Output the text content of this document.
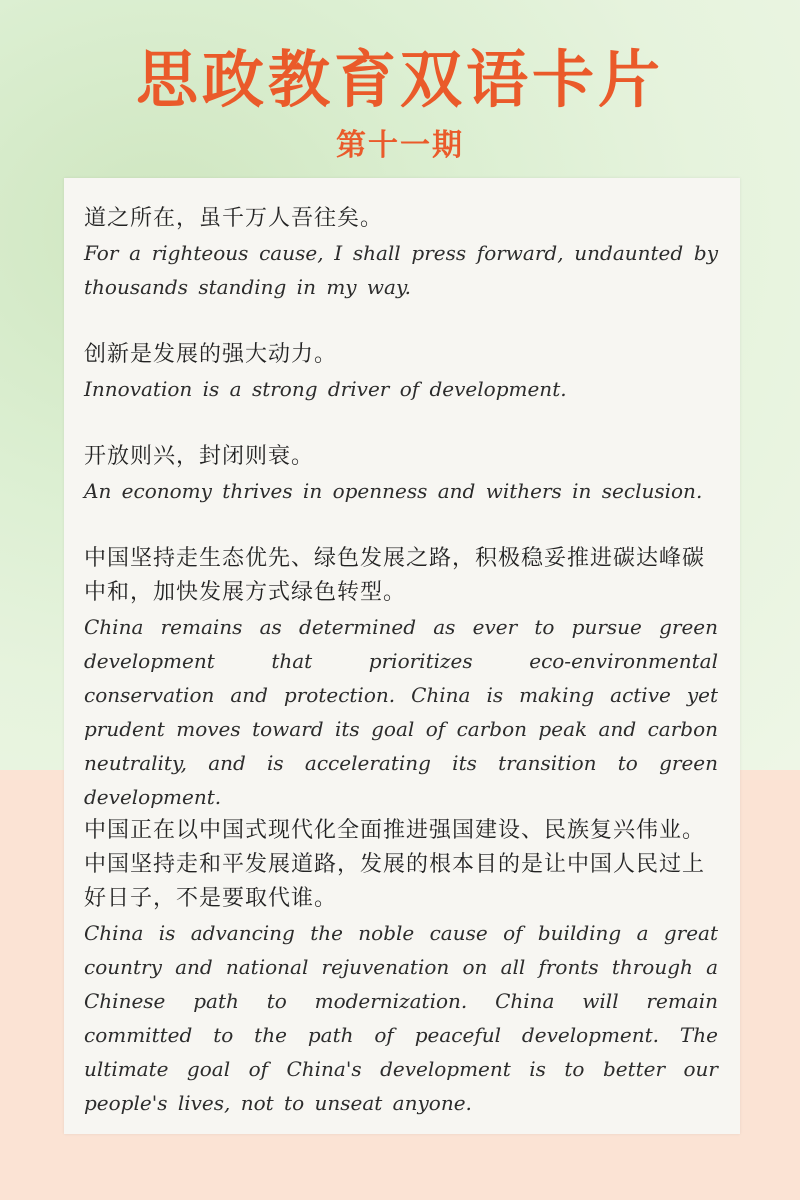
思政教育双语卡片
第十一期
道之所在，虽千万人吾往矣。
For a righteous cause, I shall press forward, undaunted by thousands standing in my way.
创新是发展的强大动力。
Innovation is a strong driver of development.
开放则兴，封闭则衰。
An economy thrives in openness and withers in seclusion.
中国坚持走生态优先、绿色发展之路，积极稳妥推进碳达峰碳中和，加快发展方式绿色转型。
China remains as determined as ever to pursue green development that prioritizes eco-environmental conservation and protection. China is making active yet prudent moves toward its goal of carbon peak and carbon neutrality, and is accelerating its transition to green development.
中国正在以中国式现代化全面推进强国建设、民族复兴伟业。中国坚持走和平发展道路，发展的根本目的是让中国人民过上好日子，不是要取代谁。
China is advancing the noble cause of building a great country and national rejuvenation on all fronts through a Chinese path to modernization. China will remain committed to the path of peaceful development. The ultimate goal of China's development is to better our people's lives, not to unseat anyone.
